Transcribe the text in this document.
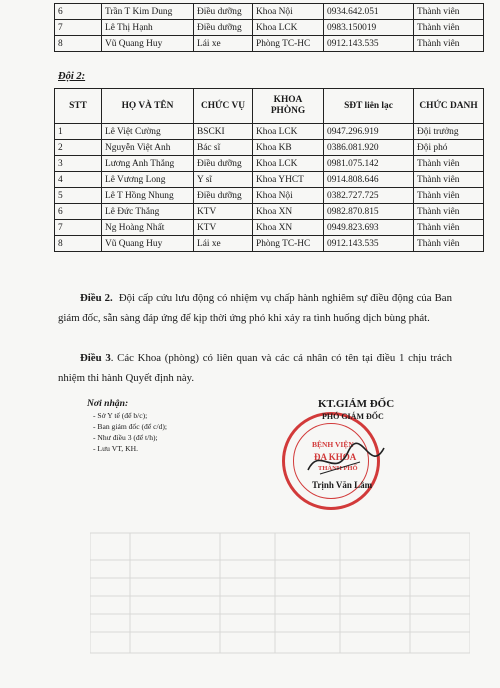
6	Trần T Kim Dung	Điều dưỡng	Khoa Nội	0934.642.051	Thành viên
7	Lê Thị Hạnh	Điều dưỡng	Khoa LCK	0983.150019	Thành viên
8	Vũ Quang Huy	Lái xe	Phòng TC-HC	0912.143.535	Thành viên
Đội 2:
STT	HỌ VÀ TÊN	CHỨC VỤ	KHOA PHÒNG	SĐT liên lạc	CHỨC DANH
1	Lê Việt Cường	BSCKI	Khoa LCK	0947.296.919	Đội trưởng
2	Nguyễn Việt Anh	Bác sĩ	Khoa KB	0386.081.920	Đội phó
3	Lương Anh Thắng	Điều dưỡng	Khoa LCK	0981.075.142	Thành viên
4	Lê Vương Long	Y sĩ	Khoa YHCT	0914.808.646	Thành viên
5	Lê T Hồng Nhung	Điều dưỡng	Khoa Nội	0382.727.725	Thành viên
6	Lê Đức Thắng	KTV	Khoa XN	0982.870.815	Thành viên
7	Ng Hoàng Nhất	KTV	Khoa XN	0949.823.693	Thành viên
8	Vũ Quang Huy	Lái xe	Phòng TC-HC	0912.143.535	Thành viên
Điều 2. Đội cấp cứu lưu động có nhiệm vụ chấp hành nghiêm sự điều động của Ban giám đốc, sẵn sàng đáp ứng để kịp thời ứng phó khi xảy ra tình huống dịch bùng phát.
Điều 3. Các Khoa (phòng) có liên quan và các cá nhân có tên tại điều 1 chịu trách nhiệm thi hành Quyết định này.
Nơi nhận:
- Sở Y tế (để b/c);
- Ban giám đốc (để c/d);
- Như điều 3 (để t/h);
- Lưu VT, KH.
KT.GIÁM ĐỐC
PHÓ GIÁM ĐỐC
BỆNH VIỆN
ĐA KHOA
THÀNH PHỐ
Trịnh Văn Lâm
